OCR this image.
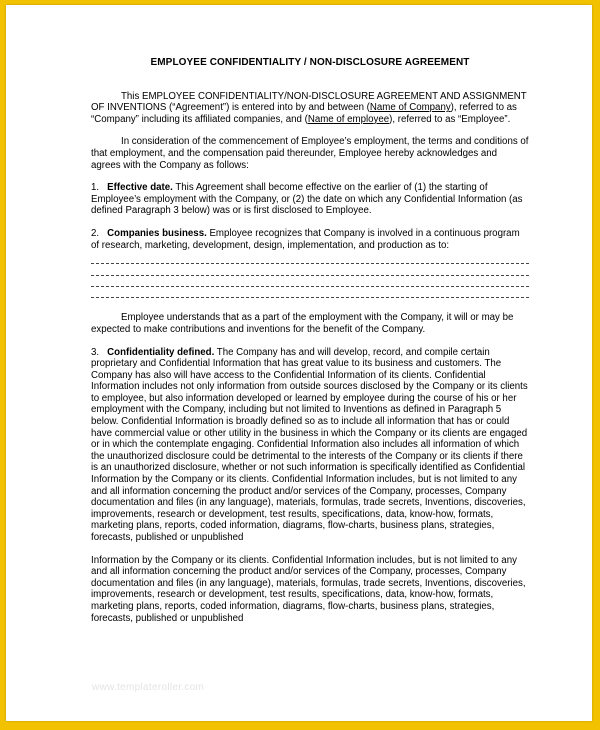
EMPLOYEE CONFIDENTIALITY / NON-DISCLOSURE AGREEMENT

This EMPLOYEE CONFIDENTIALITY/NON-DISCLOSURE AGREEMENT AND ASSIGNMENT OF INVENTIONS (“Agreement”) is entered into by and between (Name of Company), referred to as “Company” including its affiliated companies, and (Name of employee), referred to as “Employee”.

In consideration of the commencement of Employee’s employment, the terms and conditions of that employment, and the compensation paid thereunder, Employee hereby acknowledges and agrees with the Company as follows:

1. Effective date. This Agreement shall become effective on the earlier of (1) the starting of Employee’s employment with the Company, or (2) the date on which any Confidential Information (as defined Paragraph 3 below) was or is first disclosed to Employee.

2. Companies business. Employee recognizes that Company is involved in a continuous program of research, marketing, development, design, implementation, and production as to:

Employee understands that as a part of the employment with the Company, it will or may be expected to make contributions and inventions for the benefit of the Company.

3. Confidentiality defined. The Company has and will develop, record, and compile certain proprietary and Confidential Information that has great value to its business and customers. The Company has also will have access to the Confidential Information of its clients. Confidential Information includes not only information from outside sources disclosed by the Company or its clients to employee, but also information developed or learned by employee during the course of his or her employment with the Company, including but not limited to Inventions as defined in Paragraph 5 below. Confidential Information is broadly defined so as to include all information that has or could have commercial value or other utility in the business in which the Company or its clients are engaged or in which the contemplate engaging. Confidential Information also includes all information of which the unauthorized disclosure could be detrimental to the interests of the Company or its clients if there is an unauthorized disclosure, whether or not such information is specifically identified as Confidential Information by the Company or its clients. Confidential Information includes, but is not limited to any and all information concerning the product and/or services of the Company, processes, Company documentation and files (in any language), materials, formulas, trade secrets, Inventions, discoveries, improvements, research or development, test results, specifications, data, know-how, formats, marketing plans, reports, coded information, diagrams, flow-charts, business plans, strategies, forecasts, published or unpublished

Information by the Company or its clients. Confidential Information includes, but is not limited to any and all information concerning the product and/or services of the Company, processes, Company documentation and files (in any language), materials, formulas, trade secrets, Inventions, discoveries, improvements, research or development, test results, specifications, data, know-how, formats, marketing plans, reports, coded information, diagrams, flow-charts, business plans, strategies, forecasts, published or unpublished

www.templateroller.com
